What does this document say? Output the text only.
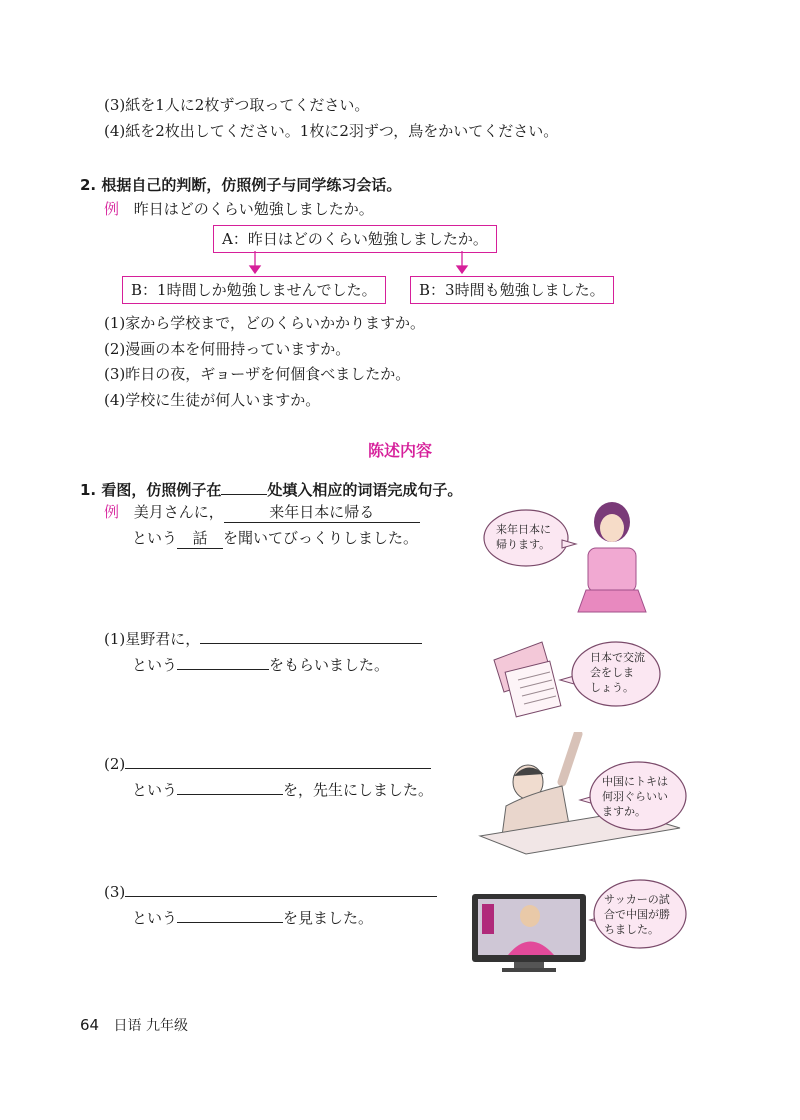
(3)紙を1人に2枚ずつ取ってください。
(4)紙を2枚出してください。1枚に2羽ずつ，鳥をかいてください。
2. 根据自己的判断，仿照例子与同学练习会话。
例 昨日はどのくらい勉強しましたか。
A：昨日はどのくらい勉強しましたか。
B：1時間しか勉強しませんでした。	B：3時間も勉強しました。
(1)家から学校まで，どのくらいかかりますか。
(2)漫画の本を何冊持っていますか。
(3)昨日の夜，ギョーザを何個食べましたか。
(4)学校に生徒が何人いますか。
陈述内容
1. 看图，仿照例子在	处填入相应的词语完成句子。
例 美月さんに，	来年日本に帰る
という 話 を聞いてびっくりしました。
(1)星野君に，
という	をもらいました。
(2)
という	を，先生にしました。
(3)
という	を見ました。
来年日本に
帰ります。
日本で交流
会をしま
しょう。
中国にトキは
何羽ぐらいい
ますか。
サッカーの試
合で中国が勝
ちました。
64 日语 九年级
